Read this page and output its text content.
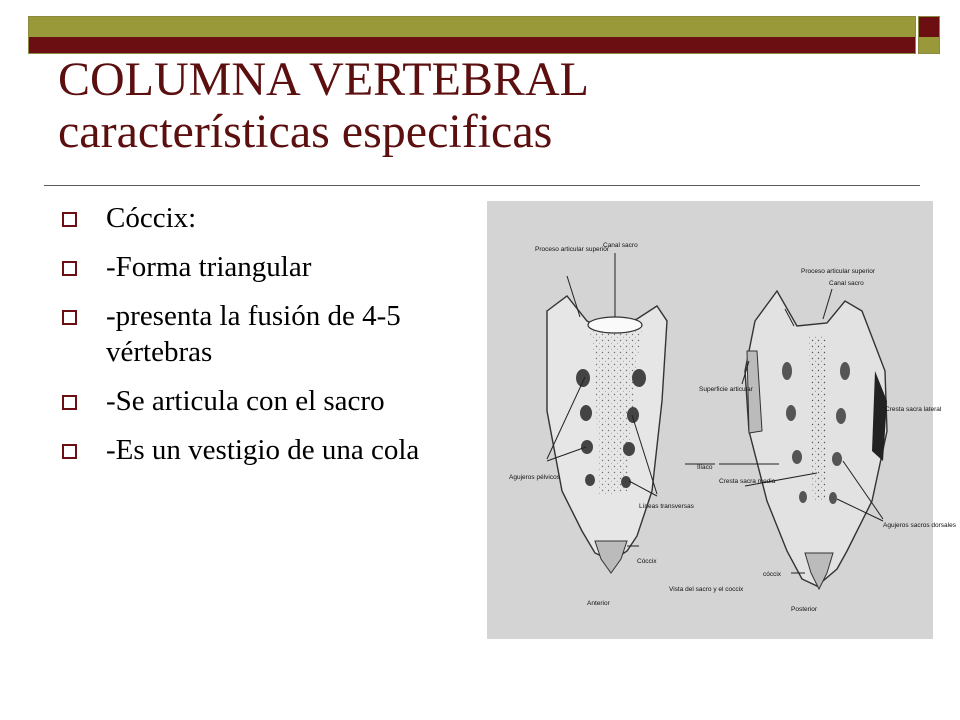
COLUMNA VERTEBRAL
características especificas
Cóccix:
-Forma triangular
-presenta la fusión de 4-5 vértebras
-Se articula con el sacro
-Es un vestigio de una cola
Proceso articular superior
Canal sacro
Agujeros pélvicos
Líneas transversas
Cóccix
Anterior
Vista del sacro y el coccix
Proceso articular superior
Canal sacro
Superficie articular
Ilíaco
Cresta sacra media
Cresta sacra lateral
Agujeros sacros dorsales
cóccix
Posterior
